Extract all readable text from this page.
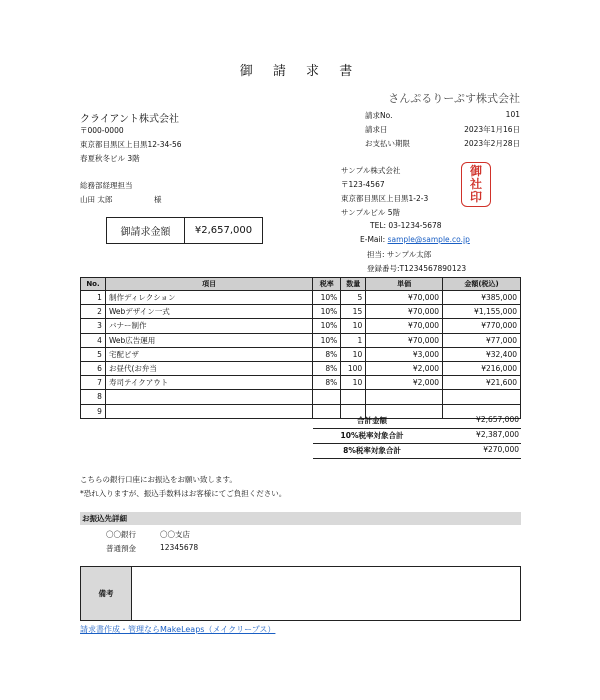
御 請 求 書
さんぷるりーぷす株式会社
クライアント株式会社
〒000-0000
東京都目黒区上目黒12-34-56
春夏秋冬ビル 3階
総務部経理担当
山田 太郎	様
御請求金額	¥2,657,000
請求No.	101
請求日	2023年1月16日
お支払い期限	2023年2月28日
サンプル株式会社
〒123-4567
東京都目黒区上目黒1-2-3
サンプルビル 5階
TEL: 03-1234-5678
E-Mail: sample@sample.co.jp
担当: サンプル太郎
登録番号:T1234567890123
御
社
印
No.	項目	税率	数量	単価	金額(税込)
1	制作ディレクション	10%	5	¥70,000	¥385,000
2	Webデザイン一式	10%	15	¥70,000	¥1,155,000
3	バナー制作	10%	10	¥70,000	¥770,000
4	Web広告運用	10%	1	¥70,000	¥77,000
5	宅配ピザ	8%	10	¥3,000	¥32,400
6	お昼代(お弁当	8%	100	¥2,000	¥216,000
7	寿司テイクアウト	8%	10	¥2,000	¥21,600
8					
9					
合計金額	¥2,657,000
10%税率対象合計	¥2,387,000
8%税率対象合計	¥270,000
こちらの銀行口座にお振込をお願い致します。
*恐れ入りますが、振込手数料はお客様にてご負担ください。
お振込先詳細
〇〇銀行	〇〇支店
普通預金	12345678
備考
請求書作成・管理ならMakeLeaps（メイクリープス）
